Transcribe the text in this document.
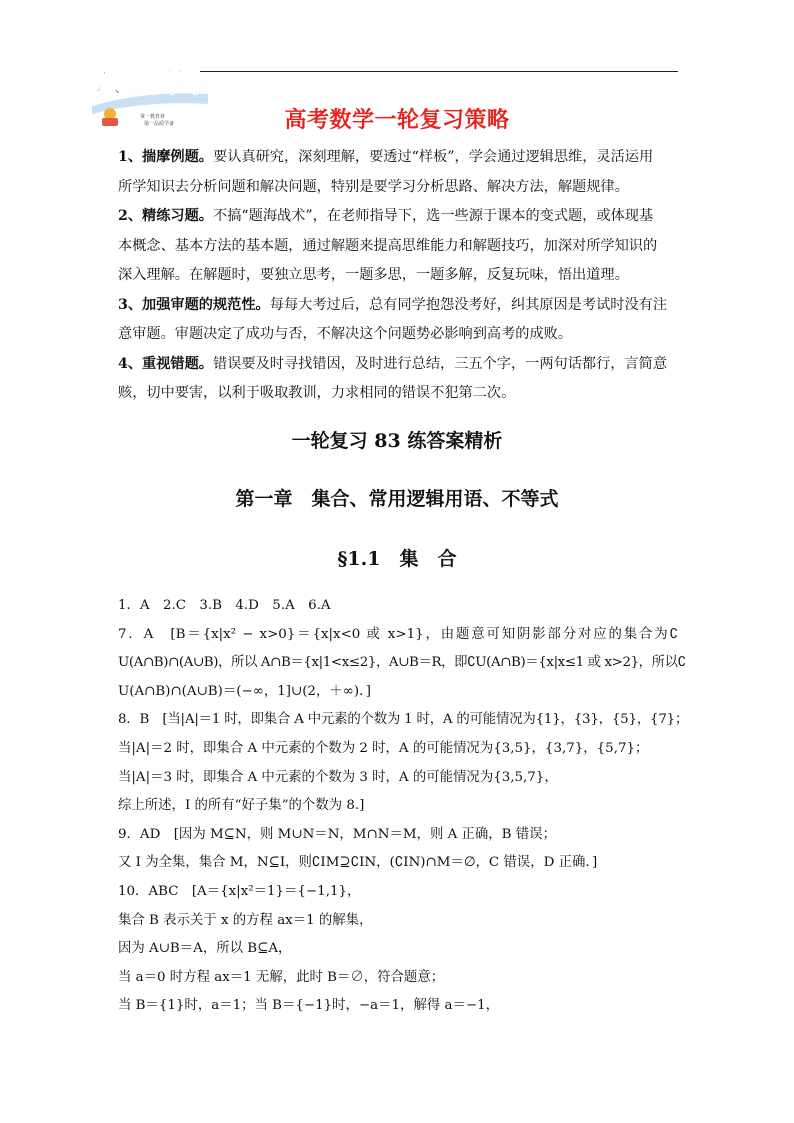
决胜高考
掌一教育材
第一品质学备	高考数学一轮复习策略

1、揣摩例题。要认真研究，深刻理解，要透过“样板”，学会通过逻辑思维，灵活运用

所学知识去分析问题和解决问题，特别是要学习分析思路、解决方法，解题规律。

2、精练习题。不搞“题海战术”，在老师指导下，选一些源于课本的变式题，或体现基

本概念、基本方法的基本题，通过解题来提高思维能力和解题技巧，加深对所学知识的

深入理解。在解题时，要独立思考，一题多思，一题多解，反复玩味，悟出道理。

3、加强审题的规范性。每每大考过后，总有同学抱怨没考好，纠其原因是考试时没有注

意审题。审题决定了成功与否，不解决这个问题势必影响到高考的成败。

4、重视错题。错误要及时寻找错因，及时进行总结，三五个字，一两句话都行，言简意

赅，切中要害，以利于吸取教训，力求相同的错误不犯第二次。

一轮复习 83 练答案精析
第一章　集合、常用逻辑用语、不等式
§1.1　集　合

1．A　2.C　3.B　4.D　5.A　6.A

7．A　[B＝{x|x² − x>0}＝{x|x<0 或 x>1}，由题意可知阴影部分对应的集合为∁

U(A∩B)∩(A∪B)，所以 A∩B＝{x|1<x≤2}，A∪B＝R，即∁U(A∩B)＝{x|x≤1 或 x>2}，所以∁

U(A∩B)∩(A∪B)＝(−∞，1]∪(2，＋∞)．]

8．B　[当|A|＝1 时，即集合 A 中元素的个数为 1 时，A 的可能情况为{1}，{3}，{5}，{7}；

当|A|＝2 时，即集合 A 中元素的个数为 2 时，A 的可能情况为{3,5}，{3,7}，{5,7}；

当|A|＝3 时，即集合 A 中元素的个数为 3 时，A 的可能情况为{3,5,7}，

综上所述，I 的所有“好子集”的个数为 8.]

9．AD　[因为 M⊆N，则 M∪N＝N，M∩N＝M，则 A 正确，B 错误；

又 I 为全集，集合 M，N⊆I，则∁IM⊇∁IN，(∁IN)∩M＝∅，C 错误，D 正确．]

10．ABC　[A＝{x|x²＝1}＝{−1,1}，

集合 B 表示关于 x 的方程 ax＝1 的解集，

因为 A∪B＝A，所以 B⊆A，

当 a＝0 时方程 ax＝1 无解，此时 B＝∅，符合题意；

当 B＝{1}时，a＝1；当 B＝{−1}时，−a＝1，解得 a＝−1，
